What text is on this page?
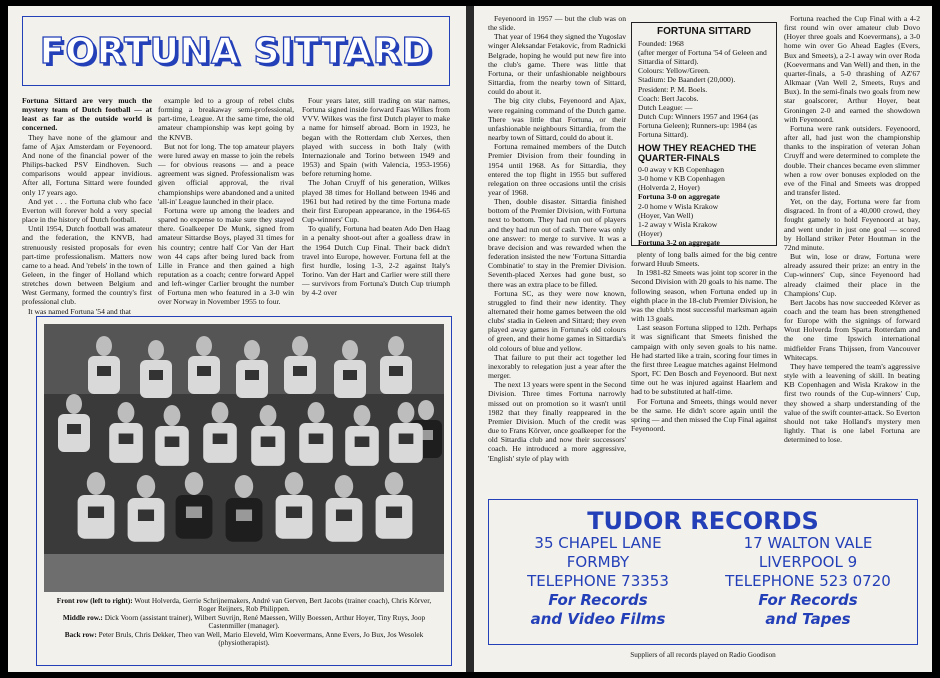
FORTUNA SITTARD

Fortuna Sittard are very much the mystery team of Dutch football — at least as far as the outside world is concerned.

They have none of the glamour and fame of Ajax Amsterdam or Feyenoord. And none of the financial power of the Philips-backed PSV Eindhoven. Such comparisons would appear invidious. After all, Fortuna Sittard were founded only 17 years ago.

And yet . . . the Fortuna club who face Everton will forever hold a very special place in the history of Dutch football.

Until 1954, Dutch football was amateur and the federation, the KNVB, had strenuously resisted proposals for even part-time professionalism. Matters now came to a head. And 'rebels' in the town of Geleen, in the finger of Holland which stretches down between Belgium and West Germany, formed the country's first professional club.

It was named Fortuna '54 and that

example led to a group of rebel clubs forming a breakaway semi-professional, part-time, League. At the same time, the old amateur championship was kept going by the KNVB.

But not for long. The top amateur players were lured away en masse to join the rebels — for obvious reasons — and a peace agreement was signed. Professionalism was given official approval, the rival championships were abandoned and a united 'all-in' League launched in their place.

Fortuna were up among the leaders and spared no expense to make sure they stayed there. Goalkeeper De Munk, signed from amateur Sittardse Boys, played 31 times for his country; centre half Cor Van der Hart won 44 caps after being lured back from Lille in France and then gained a high reputation as a coach; centre forward Appel and left-winger Carlier brought the number of Fortuna men who featured in a 3-0 win over Norway in November 1955 to four.

Four years later, still trading on star names, Fortuna signed inside forward Faas Wilkes from VVV. Wilkes was the first Dutch player to make a name for himself abroad. Born in 1923, he began with the Rotterdam club Xerxes, then played with success in both Italy (with Internazionale and Torino between 1949 and 1953) and Spain (with Valencia, 1953-1956) before returning home.

The Johan Cruyff of his generation, Wilkes played 38 times for Holland between 1946 and 1961 but had retired by the time Fortuna made their first European appearance, in the 1964-65 Cup-winners' Cup.

To qualify, Fortuna had beaten Ado Den Haag in a penalty shoot-out after a goalless draw in the 1964 Dutch Cup Final. Their back didn't travel into Europe, however. Fortuna fell at the first hurdle, losing 1-3, 2-2 against Italy's Torino. Van der Hart and Carlier were still there — survivors from Fortuna's Dutch Cup triumph by 4-2 over

Front row (left to right): Wout Holverda, Gerrie Schrijnemakers, André van Gerven, Bert Jacobs (trainer coach), Chris Körver, Roger Reijners, Rob Philippen.
Middle row.: Dick Voorn (assistant trainer), Wilbert Suvrijn, René Maessen, Willy Boessen, Arthur Hoyer, Tiny Ruys, Joop Castenmiller (manager).
Back row: Peter Bruls, Chris Dekker, Theo van Well, Mario Eleveld, Wim Koevermans, Anne Evers, Jo Bux, Jos Wesolek (physiotherapist).

Feyenoord in 1957 — but the club was on the slide.

That year of 1964 they signed the Yugoslav winger Aleksandar Fetakovic, from Radnicki Belgrade, hoping he would put new fire into the club's game. There was little that Fortuna, or their unfashionable neighbours Sittardia, from the nearby town of Sittard, could do about it.

The big city clubs, Feyenoord and Ajax, were regaining command of the Dutch game. There was little that Fortuna, or their unfashionable neighbours Sittardia, from the nearby town of Sittard, could do about it.

Fortuna remained members of the Dutch Premier Division from their founding in 1954 until 1968. As for Sittardia, they entered the top flight in 1955 but suffered relegation on three occasions until the crisis year of 1968.

Then, double disaster. Sittardia finished bottom of the Premier Division, with Fortuna next to bottom. They had run out of players and they had run out of cash. There was only one answer: to merge to survive. It was a brave decision and was rewarded when the federation insisted the new 'Fortuna Sittardia Combinatie' to stay in the Premier Division. Seventh-placed Xerxes had gone bust, so there was an extra place to be filled.

Fortuna SC, as they were now known, struggled to find their new identity. They alternated their home games between the old clubs' stadia in Geleen and Sittard; they even played away games in Fortuna's old colours of green, and their home games in Sittardia's old colours of blue and yellow.

That failure to put their act together led inexorably to relegation just a year after the merger.

The next 13 years were spent in the Second Division. Three times Fortuna narrowly missed out on promotion so it wasn't until 1982 that they finally reappeared in the Premier Division. Much of the credit was due to Frans Körver, once goalkeeper for the old Sittardia club and now their successors' coach. He introduced a more aggressive, 'English' style of play with

FORTUNA SITTARD
Founded: 1968
(after merger of Fortuna '54 of Geleen and Sittardia of Sittard).
Colours: Yellow/Green.
Stadium: De Baandert (20,000).
President: P. M. Boels.
Coach: Bert Jacobs.
Dutch League: —
Dutch Cup: Winners 1957 and 1964 (as Fortuna Geleen); Runners-up: 1984 (as Fortuna Sittard).
HOW THEY REACHED THE QUARTER-FINALS
0-0 away v KB Copenhagen
3-0 home v KB Copenhagen
(Holverda 2, Hoyer)
Fortuna 3-0 on aggregate
2-0 home v Wisla Krakow
(Hoyer, Van Well)
1-2 away v Wisla Krakow
(Hoyer)
Fortuna 3-2 on aggregate

plenty of long balls aimed for the big centre forward Huub Smeets.

In 1981-82 Smeets was joint top scorer in the Second Division with 20 goals to his name. The following season, when Fortuna ended up in eighth place in the 18-club Premier Division, he was the club's most successful marksman again with 13 goals.

Last season Fortuna slipped to 12th. Perhaps it was significant that Smeets finished the campaign with only seven goals to his name. He had started like a train, scoring four times in the first three League matches against Helmond Sport, FC Den Bosch and Feyenoord. But next time out he was injured against Haarlem and had to be substituted at half-time.

For Fortuna and Smeets, things would never be the same. He didn't score again until the spring — and then missed the Cup Final against Feyenoord.

Fortuna reached the Cup Final with a 4-2 first round win over amateur club Dovo (Hoyer three goals and Koevermans), a 3-0 home win over Go Ahead Eagles (Evers, Bux and Smeets), a 2-1 away win over Roda (Koevermans and Van Well) and then, in the quarter-finals, a 5-0 thrashing of AZ'67 Alkmaar (Van Well 2, Smeets, Ruys and Bux). In the semi-finals two goals from new star goalscorer, Arthur Hoyer, beat Groningen 2-0 and earned the showdown with Feyenoord.

Fortuna were rank outsiders. Feyenoord, after all, had just won the championship thanks to the inspiration of veteran Johan Cruyff and were determined to complete the double. Their chances became even slimmer when a row over bonuses exploded on the eve of the Final and Smeets was dropped and transfer listed.

Yet, on the day, Fortuna were far from disgraced. In front of a 40,000 crowd, they fought gamely to hold Feyenoord at bay, and went under in just one goal — scored by Holland striker Peter Houtman in the 72nd minute.

But win, lose or draw, Fortuna were already assured their prize: an entry in the Cup-winners' Cup, since Feyenoord had already claimed their place in the Champions' Cup.

Bert Jacobs has now succeeded Körver as coach and the team has been strengthened for Europe with the signings of forward Wout Holverda from Sparta Rotterdam and the one time Ipswich international midfielder Frans Thijssen, from Vancouver Whitecaps.

They have tempered the team's aggressive style with a leavening of skill. In beating KB Copenhagen and Wisla Krakow in the first two rounds of the Cup-winners' Cup, they showed a sharp understanding of the value of the swift counter-attack. So Everton should not take Holland's mystery men lightly. That is one label Fortuna are determined to lose.

TUDOR RECORDS
35 CHAPEL LANE
FORMBY
TELEPHONE 73353
For Records
and Video Films
17 WALTON VALE
LIVERPOOL 9
TELEPHONE 523 0720
For Records
and Tapes
Suppliers of all records played on Radio Goodison
